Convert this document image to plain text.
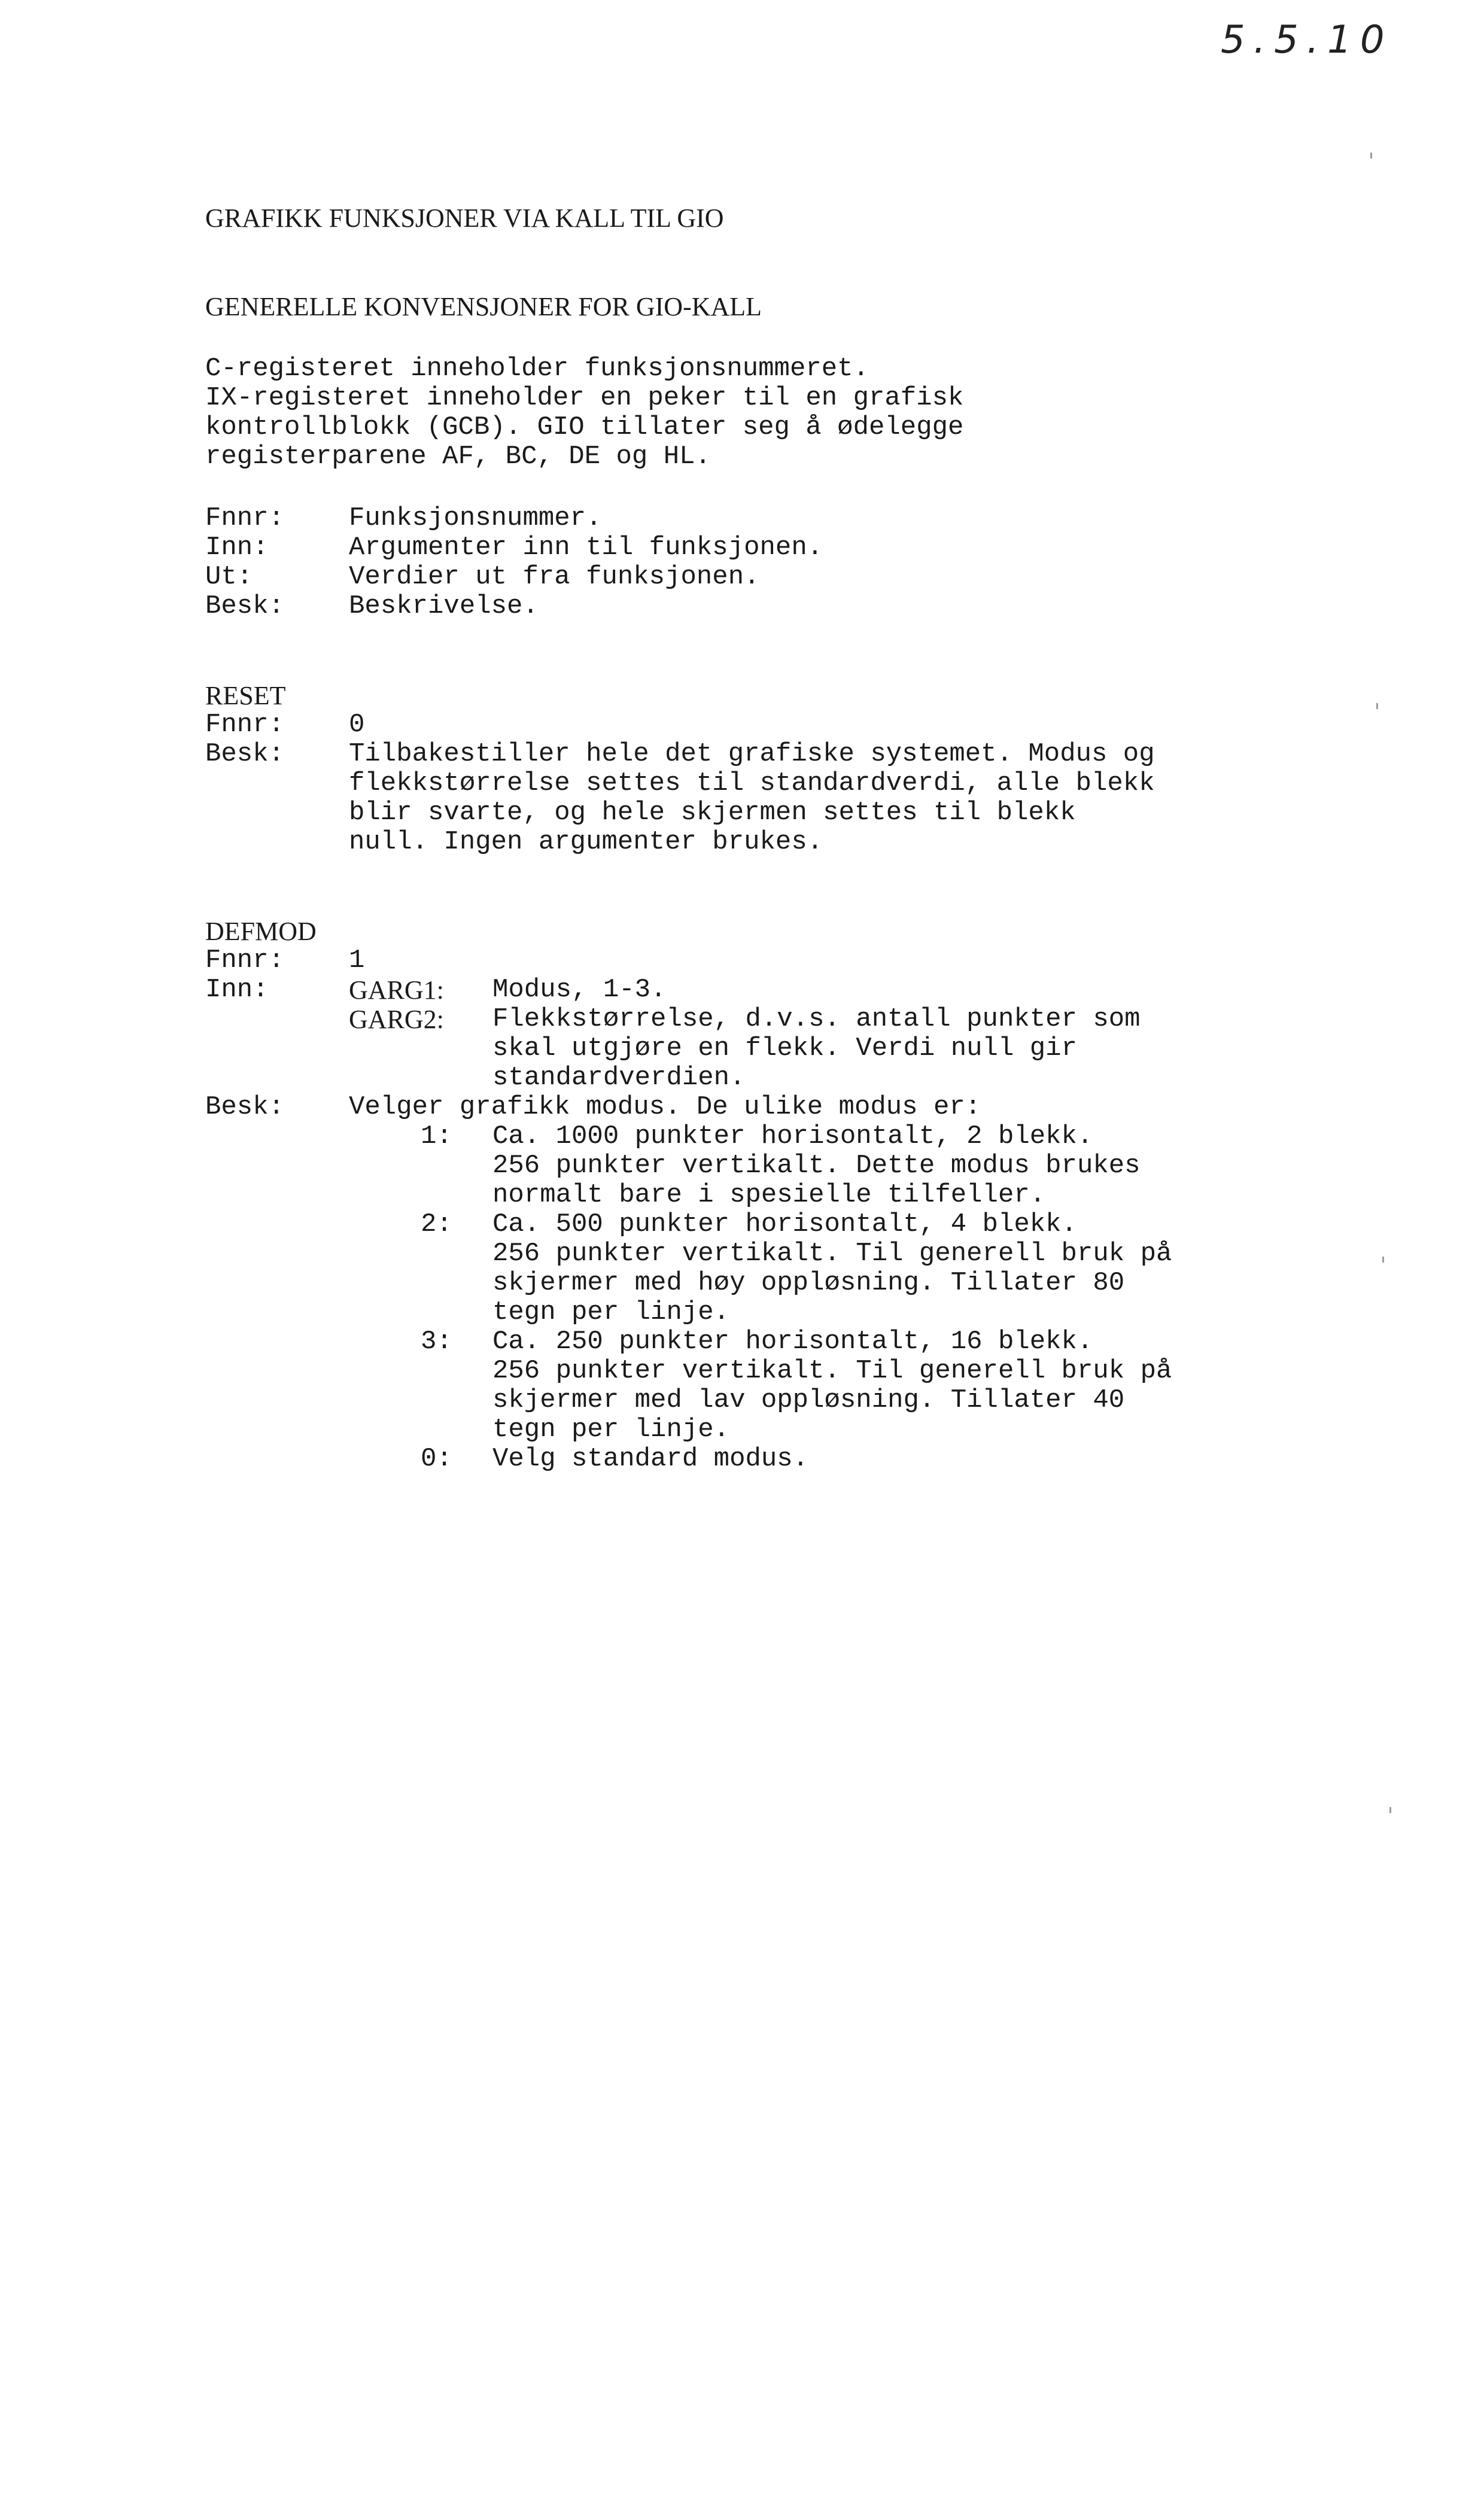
5.5.10
GRAFIKK FUNKSJONER VIA KALL TIL GIO
GENERELLE KONVENSJONER FOR GIO-KALL
C-registeret inneholder funksjonsnummeret.
IX-registeret inneholder en peker til en grafisk
kontrollblokk (GCB). GIO tillater seg å ødelegge
registerparene AF, BC, DE og HL.
Fnnr: Funksjonsnummer.
Inn:	Argumenter inn til funksjonen.
Ut:	Verdier ut fra funksjonen.
Besk: Beskrivelse.
RESET
Fnnr: 0
Besk: Tilbakestiller hele det grafiske systemet. Modus og
flekkstørrelse settes til standardverdi, alle blekk
blir svarte, og hele skjermen settes til blekk
null. Ingen argumenter brukes.
DEFMOD
Fnnr: 1
Inn:	GARG1: Modus, 1-3.
GARG2: Flekkstørrelse, d.v.s. antall punkter som
skal utgjøre en flekk. Verdi null gir
standardverdien.
Besk: Velger grafikk modus. De ulike modus er:
1: Ca. 1000 punkter horisontalt, 2 blekk.
256 punkter vertikalt. Dette modus brukes
normalt bare i spesielle tilfeller.
2: Ca. 500 punkter horisontalt, 4 blekk.
256 punkter vertikalt. Til generell bruk på
skjermer med høy oppløsning. Tillater 80
tegn per linje.
3: Ca. 250 punkter horisontalt, 16 blekk.
256 punkter vertikalt. Til generell bruk på
skjermer med lav oppløsning. Tillater 40
tegn per linje.
0: Velg standard modus.
